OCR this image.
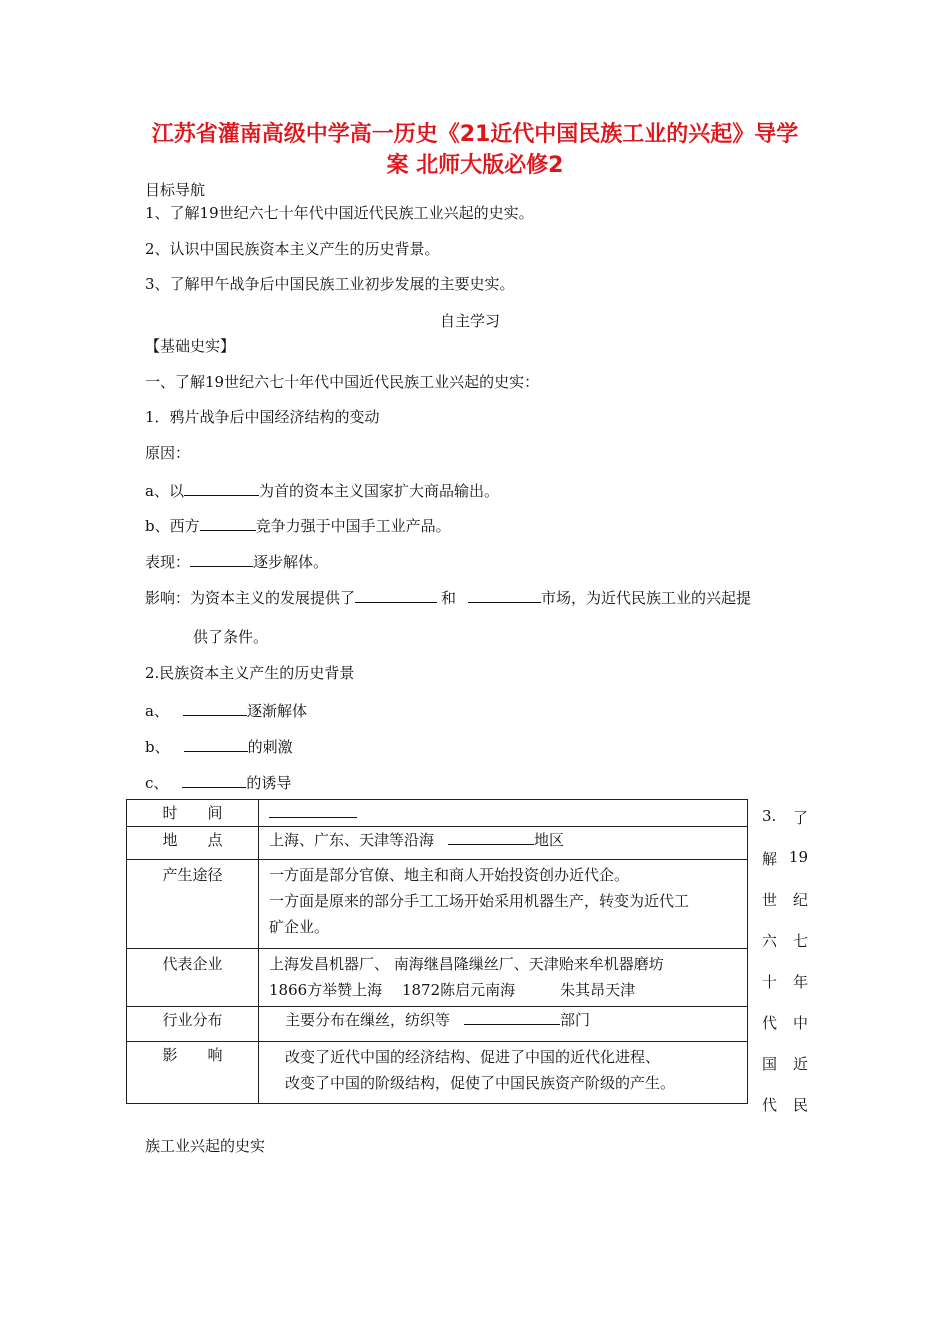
江苏省灌南高级中学高一历史《21近代中国民族工业的兴起》导学
案 北师大版必修2
目标导航
1、了解19世纪六七十年代中国近代民族工业兴起的史实。
2、认识中国民族资本主义产生的历史背景。
3、了解甲午战争后中国民族工业初步发展的主要史实。
自主学习
【基础史实】
一、了解19世纪六七十年代中国近代民族工业兴起的史实：
1．鸦片战争后中国经济结构的变动
原因：
a、以	为首的资本主义国家扩大商品输出。
b、西方	竞争力强于中国手工业产品。
表现：	逐步解体。
影响：为资本主义的发展提供了	和	市场，为近代民族工业的兴起提
供了条件。
2.民族资本主义产生的历史背景
a、	逐渐解体
b、	的刺激
c、	的诱导
时　　间	

地　　点	上海、广东、天津等沿海 地区

产生途径	一方面是部分官僚、地主和商人开始投资创办近代企。
一方面是原来的部分手工工场开始采用机器生产，转变为近代工
矿企业。

代表企业	上海发昌机器厂、 南海继昌隆缫丝厂、天津贻来牟机器磨坊
1866方举赞上海　 1872陈启元南海　　　朱其昂天津

行业分布	主要分布在缫丝，纺织等 部门

影　　响	改变了近代中国的经济结构、促进了中国的近代化进程、
改变了中国的阶级结构，促使了中国民族资产阶级的产生。
3. 了
解 19
世 纪
六 七
十 年
代 中
国 近
代 民
族工业兴起的史实
